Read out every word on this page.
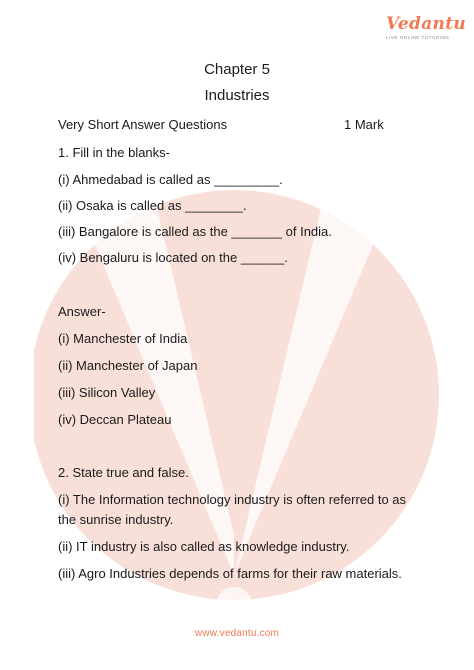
Vedantu
LIVE ONLINE TUTORING
Chapter 5
Industries
Very Short Answer Questions	1 Mark
1. Fill in the blanks-
(i) Ahmedabad is called as _________.
(ii) Osaka is called as ________.
(iii) Bangalore is called as the _______ of India.
(iv) Bengaluru is located on the ______.
Answer-
(i) Manchester of India
(ii) Manchester of Japan
(iii) Silicon Valley
(iv) Deccan Plateau
2. State true and false.
(i) The Information technology industry is often referred to as
the sunrise industry.
(ii) IT industry is also called as knowledge industry.
(iii) Agro Industries depends of farms for their raw materials.
www.vedantu.com
